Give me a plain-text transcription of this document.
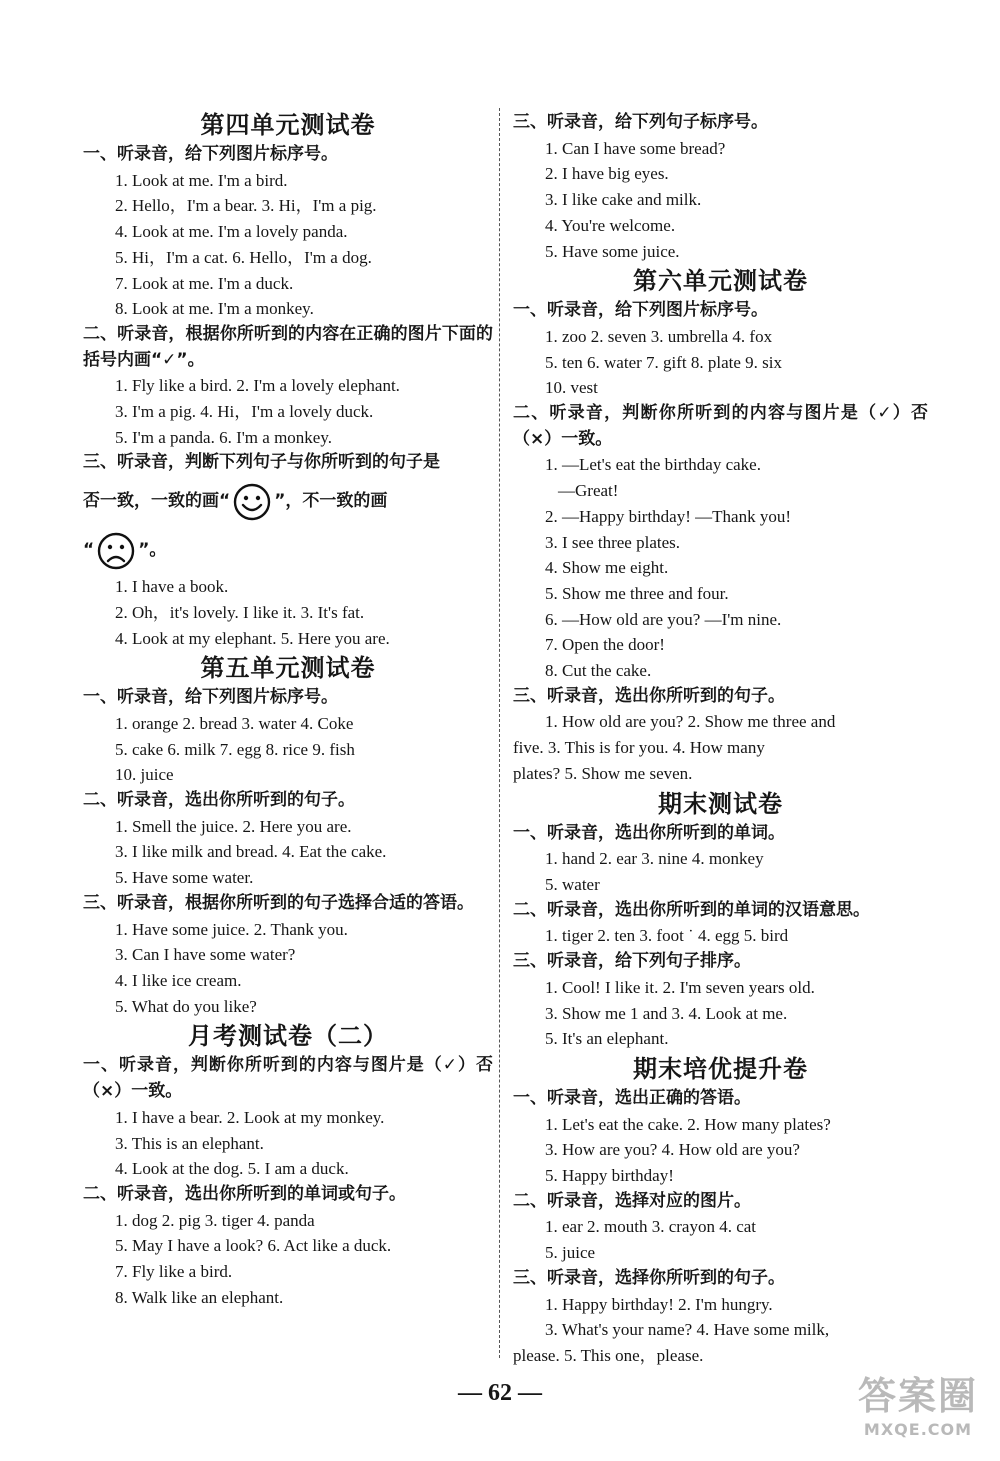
第四单元测试卷
一、听录音，给下列图片标序号。
1. Look at me. I'm a bird.
2. Hello，I'm a bear. 3. Hi，I'm a pig.
4. Look at me. I'm a lovely panda.
5. Hi，I'm a cat. 6. Hello，I'm a dog.
7. Look at me. I'm a duck.
8. Look at me. I'm a monkey.
二、听录音，根据你所听到的内容在正确的图片下面的括号内画“✓”。
1. Fly like a bird. 2. I'm a lovely elephant.
3. I'm a pig. 4. Hi，I'm a lovely duck.
5. I'm a panda. 6. I'm a monkey.
三、听录音，判断下列句子与你所听到的句子是
否一致，一致的画“	”，不一致的画
“	”。
1. I have a book.
2. Oh，it's lovely. I like it. 3. It's fat.
4. Look at my elephant. 5. Here you are.
第五单元测试卷
一、听录音，给下列图片标序号。
1. orange 2. bread 3. water 4. Coke
5. cake 6. milk 7. egg 8. rice 9. fish
10. juice
二、听录音，选出你所听到的句子。
1. Smell the juice. 2. Here you are.
3. I like milk and bread. 4. Eat the cake.
5. Have some water.
三、听录音，根据你所听到的句子选择合适的答语。
1. Have some juice. 2. Thank you.
3. Can I have some water?
4. I like ice cream.
5. What do you like?
月考测试卷（二）
一、听录音，判断你所听到的内容与图片是（✓）否（×）一致。
1. I have a bear. 2. Look at my monkey.
3. This is an elephant.
4. Look at the dog. 5. I am a duck.
二、听录音，选出你所听到的单词或句子。
1. dog 2. pig 3. tiger 4. panda
5. May I have a look? 6. Act like a duck.
7. Fly like a bird.
8. Walk like an elephant.
三、听录音，给下列句子标序号。
1. Can I have some bread?
2. I have big eyes.
3. I like cake and milk.
4. You're welcome.
5. Have some juice.
第六单元测试卷
一、听录音，给下列图片标序号。
1. zoo 2. seven 3. umbrella 4. fox
5. ten 6. water 7. gift 8. plate 9. six
10. vest
二、听录音，判断你所听到的内容与图片是（✓）否（×）一致。
1. —Let's eat the birthday cake.
—Great!
2. —Happy birthday! —Thank you!
3. I see three plates.
4. Show me eight.
5. Show me three and four.
6. —How old are you? —I'm nine.
7. Open the door!
8. Cut the cake.
三、听录音，选出你所听到的句子。
1. How old are you? 2. Show me three and
five. 3. This is for you. 4. How many
plates? 5. Show me seven.
期末测试卷
一、听录音，选出你所听到的单词。
1. hand 2. ear 3. nine 4. monkey
5. water
二、听录音，选出你所听到的单词的汉语意思。
1. tiger 2. ten 3. foot ˙ 4. egg 5. bird
三、听录音，给下列句子排序。
1. Cool! I like it. 2. I'm seven years old.
3. Show me 1 and 3. 4. Look at me.
5. It's an elephant.
期末培优提升卷
一、听录音，选出正确的答语。
1. Let's eat the cake. 2. How many plates?
3. How are you? 4. How old are you?
5. Happy birthday!
二、听录音，选择对应的图片。
1. ear 2. mouth 3. crayon 4. cat
5. juice
三、听录音，选择你所听到的句子。
1. Happy birthday! 2. I'm hungry.
3. What's your name? 4. Have some milk,
please. 5. This one，please.
— 62 —	答案圈
MXQE.COM
